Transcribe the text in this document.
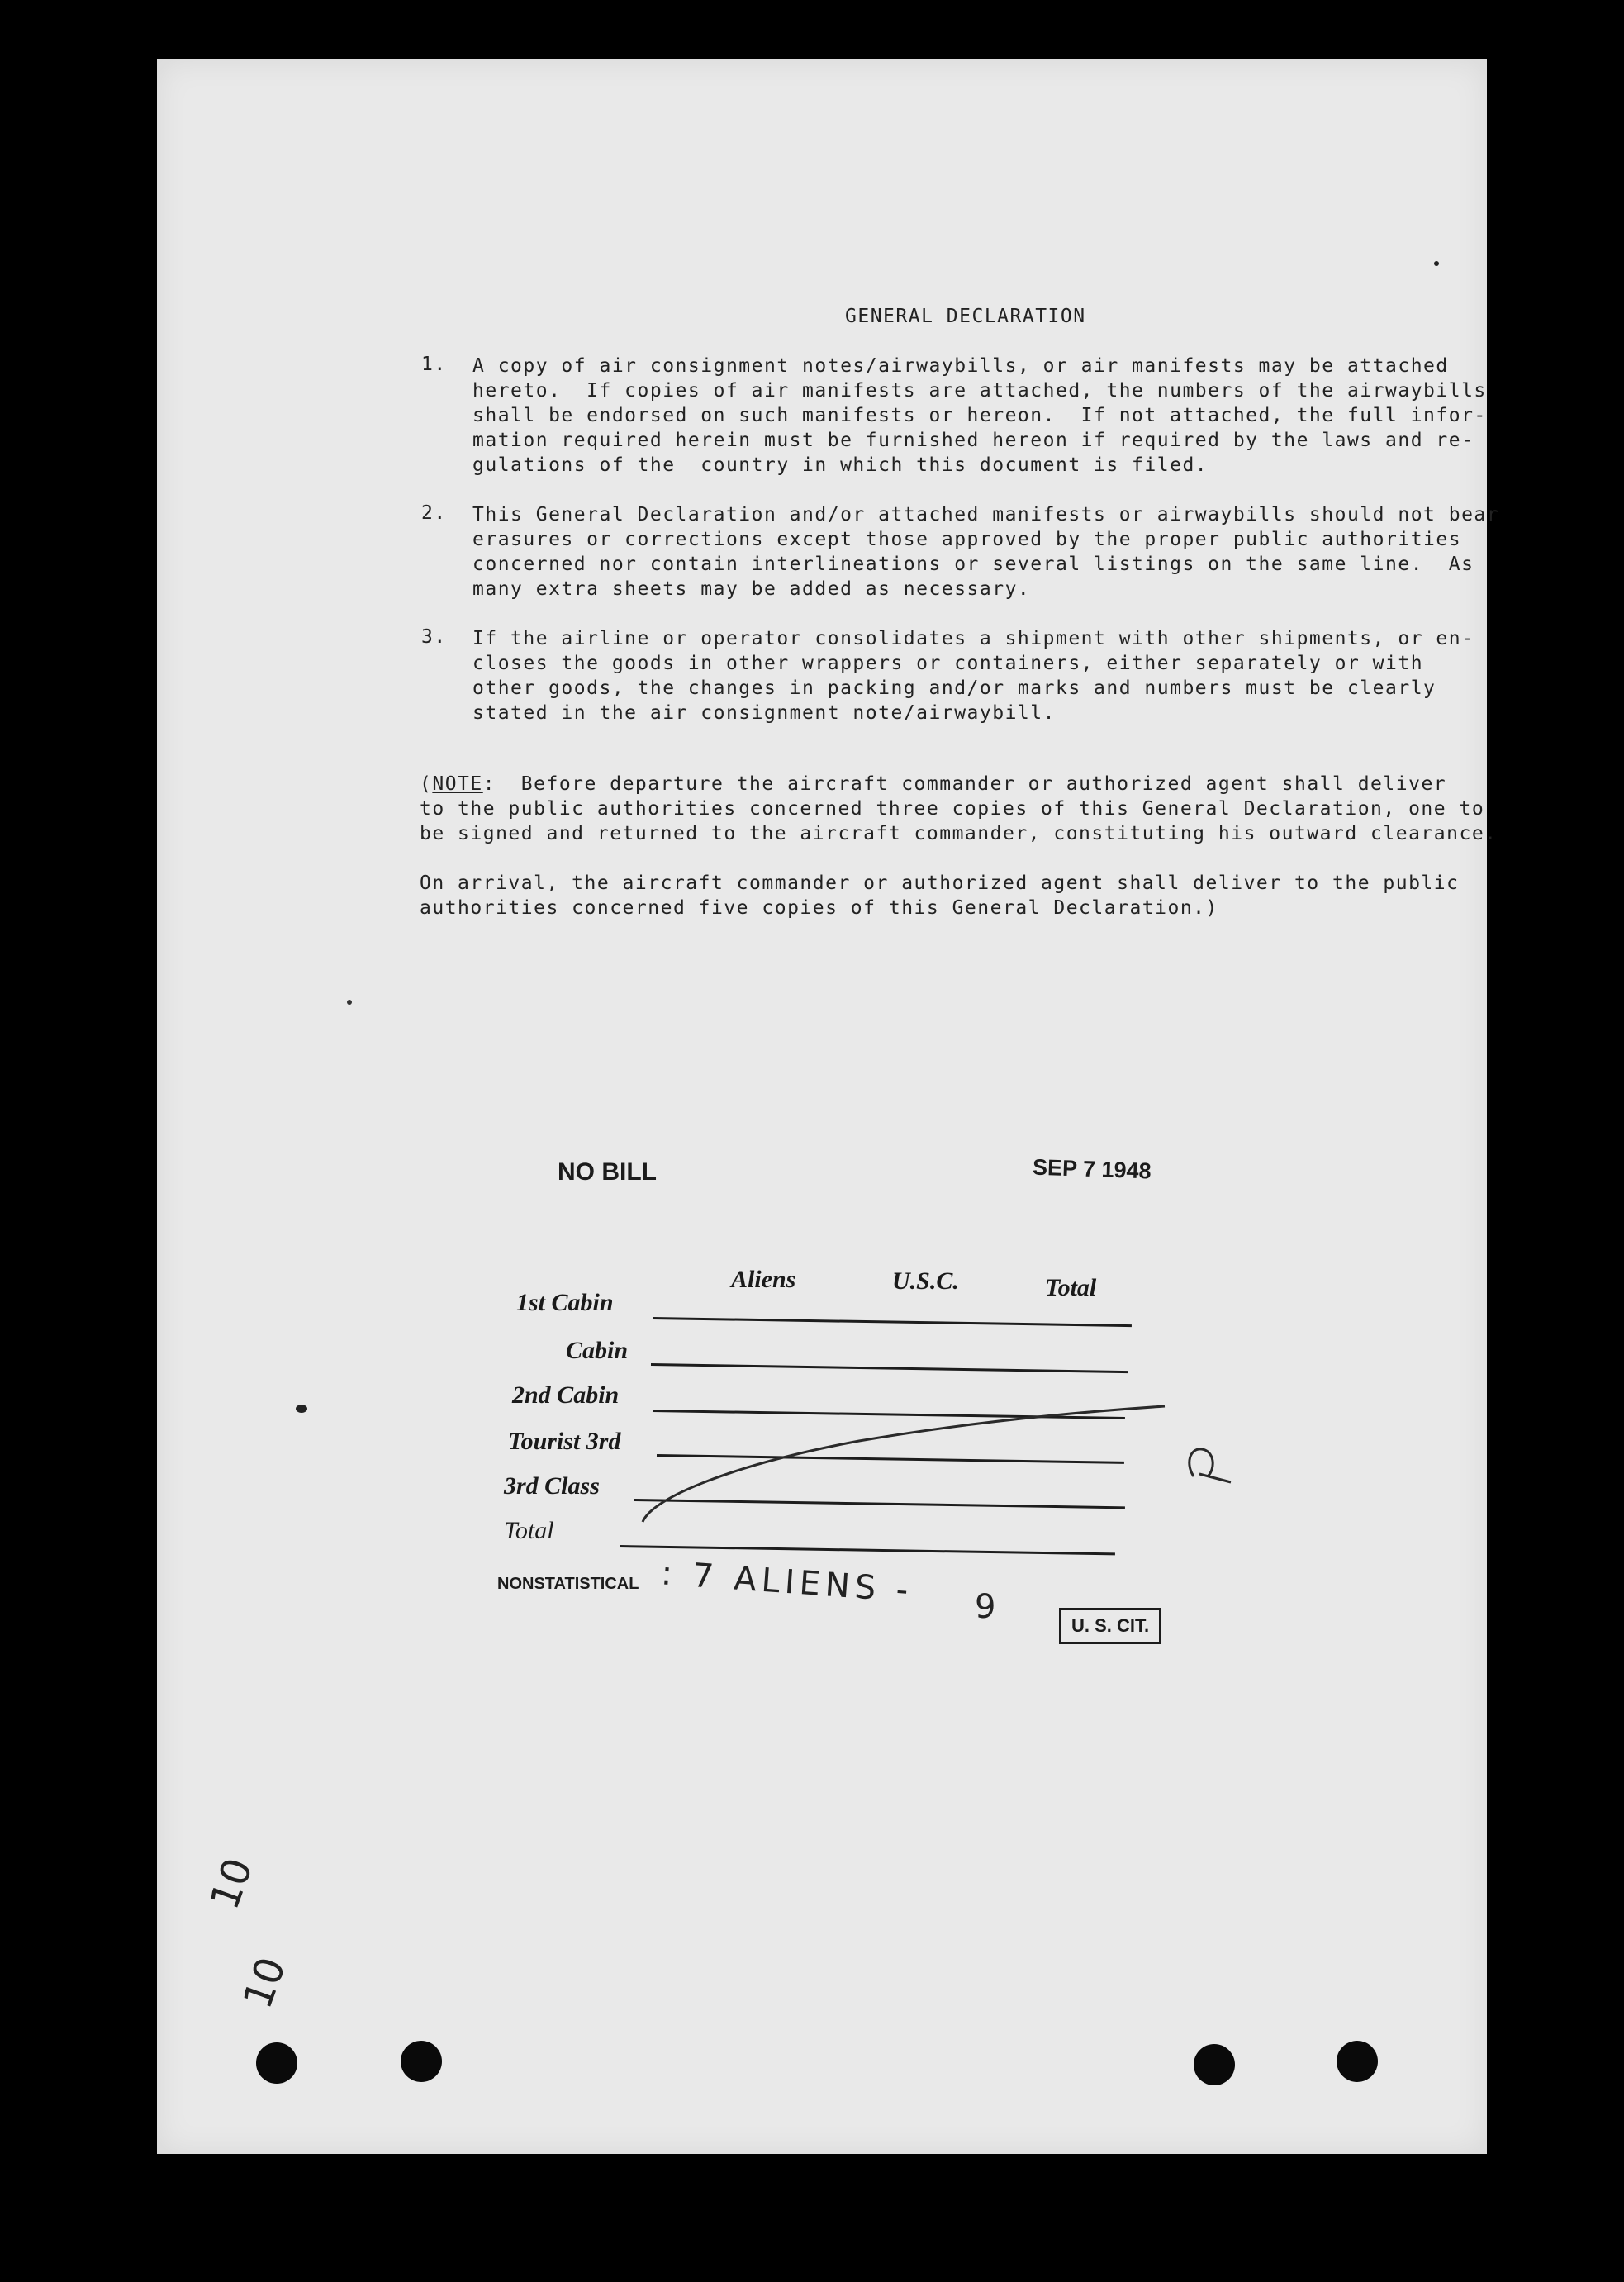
GENERAL DECLARATION
1. A copy of air consignment notes/airwaybills, or air manifests may be attached
hereto.  If copies of air manifests are attached, the numbers of the airwaybills
shall be endorsed on such manifests or hereon.  If not attached, the full infor-
mation required herein must be furnished hereon if required by the laws and re-
gulations of the  country in which this document is filed.
2. This General Declaration and/or attached manifests or airwaybills should not bear
erasures or corrections except those approved by the proper public authorities
concerned nor contain interlineations or several listings on the same line.  As
many extra sheets may be added as necessary.
3. If the airline or operator consolidates a shipment with other shipments, or en-
closes the goods in other wrappers or containers, either separately or with
other goods, the changes in packing and/or marks and numbers must be clearly
stated in the air consignment note/airwaybill.
(NOTE:  Before departure the aircraft commander or authorized agent shall deliver
to the public authorities concerned three copies of this General Declaration, one to
be signed and returned to the aircraft commander, constituting his outward clearance.
On arrival, the aircraft commander or authorized agent shall deliver to the public
authorities concerned five copies of this General Declaration.)
NO BILL	SEP 7 1948
Aliens	U.S.C.	Total
1st Cabin
Cabin
2nd Cabin
Tourist 3rd
3rd Class
Total
NONSTATISTICAL : 7 ALIENS - 9	U. S. CIT.
10
10
